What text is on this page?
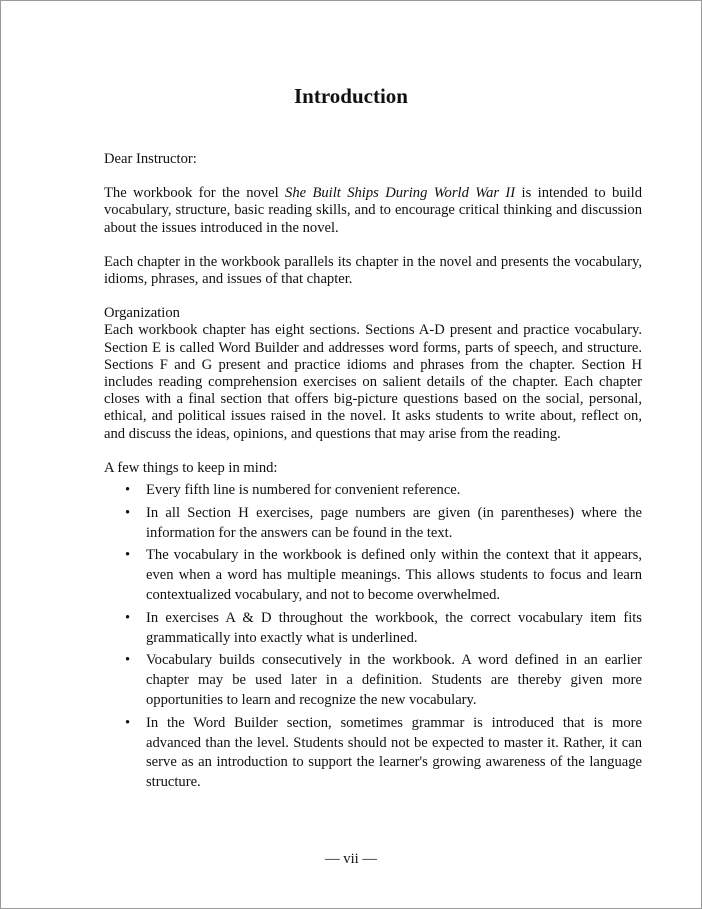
Introduction

Dear Instructor:

The workbook for the novel She Built Ships During World War II is intended to build vocabulary, structure, basic reading skills, and to encourage critical thinking and discussion about the issues introduced in the novel.

Each chapter in the workbook parallels its chapter in the novel and presents the vocabulary, idioms, phrases, and issues of that chapter.

Organization

Each workbook chapter has eight sections. Sections A-D present and practice vocabulary. Section E is called Word Builder and addresses word forms, parts of speech, and structure. Sections F and G present and practice idioms and phrases from the chapter. Section H includes reading comprehension exercises on salient details of the chapter. Each chapter closes with a final section that offers big-picture questions based on the social, personal, ethical, and political issues raised in the novel. It asks students to write about, reflect on, and discuss the ideas, opinions, and questions that may arise from the reading.

A few things to keep in mind:

• Every fifth line is numbered for convenient reference.
• In all Section H exercises, page numbers are given (in parentheses) where the information for the answers can be found in the text.
• The vocabulary in the workbook is defined only within the context that it appears, even when a word has multiple meanings. This allows students to focus and learn contextualized vocabulary, and not to become overwhelmed.
• In exercises A & D throughout the workbook, the correct vocabulary item fits grammatically into exactly what is underlined.
• Vocabulary builds consecutively in the workbook. A word defined in an earlier chapter may be used later in a definition. Students are thereby given more opportunities to learn and recognize the new vocabulary.
• In the Word Builder section, sometimes grammar is introduced that is more advanced than the level. Students should not be expected to master it. Rather, it can serve as an introduction to support the learner's growing awareness of the language structure.
— vii —
